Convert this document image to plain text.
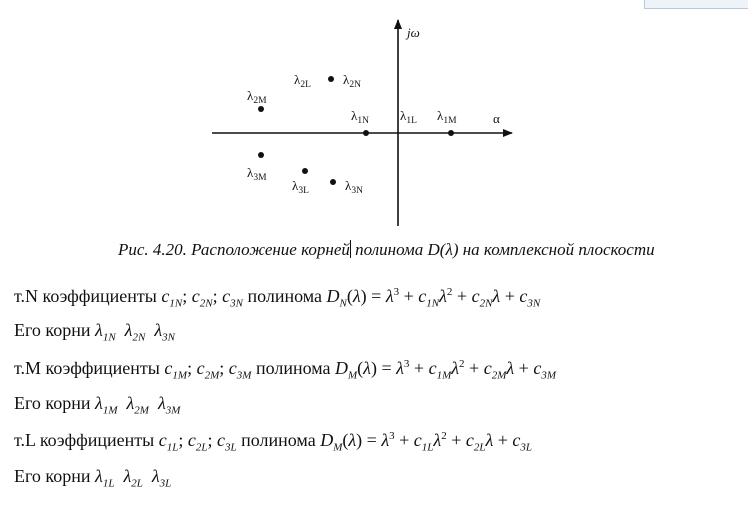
jω
α
$\lambda_{2M}$
$\lambda_{2L}$ $\lambda_{2N}$
$\lambda_{1N}$ $\lambda_{1L}$ $\lambda_{1M}$
$\lambda_{3M}$ $\lambda_{3L}$	$\lambda_{3N}$
Рис. 4.20. Расположение корней полинома D(λ) на комплексной плоскости
т.N коэффициенты $c_{1N}$; $c_{2N}$; $c_{3N}$ полинома $D_N(\lambda) = \lambda^3 + c_{1N}\lambda^2 + c_{2N}\lambda + c_{3N}$
Его корни $\lambda_{1N}$  $\lambda_{2N}$  $\lambda_{3N}$
т.М коэффициенты $c_{1M}$; $c_{2M}$; $c_{3M}$ полинома $D_M(\lambda) = \lambda^3 + c_{1M}\lambda^2 + c_{2M}\lambda + c_{3M}$
Его корни $\lambda_{1M}$  $\lambda_{2M}$  $\lambda_{3M}$
т.L коэффициенты $c_{1L}$; $c_{2L}$; $c_{3L}$ полинома $D_M(\lambda) = \lambda^3 + c_{1L}\lambda^2 + c_{2L}\lambda + c_{3L}$
Его корни $\lambda_{1L}$  $\lambda_{2L}$  $\lambda_{3L}$
